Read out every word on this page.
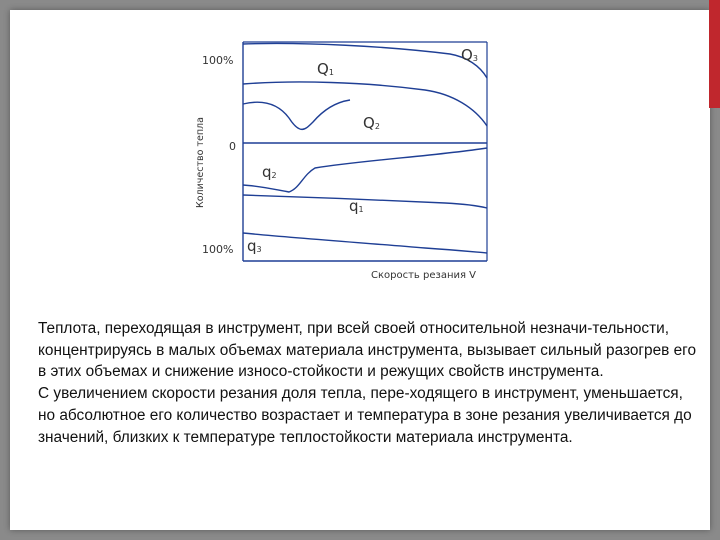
100%
0
100%
Количество тепла
Скорость резания V
Q3
Q1
Q2
q2
q1
q3

Теплота, переходящая в инструмент, при всей своей относительной незначи-тельности, концентрируясь в малых объемах материала инструмента, вызывает сильный разогрев его в этих объемах и снижение износо-стойкости и режущих свойств инструмента.

С увеличением скорости резания доля тепла, пере-ходящего в инструмент, уменьшается, но абсолютное его количество возрастает и температура в зоне резания увеличивается до значений, близких к температуре теплостойкости материала инструмента.
